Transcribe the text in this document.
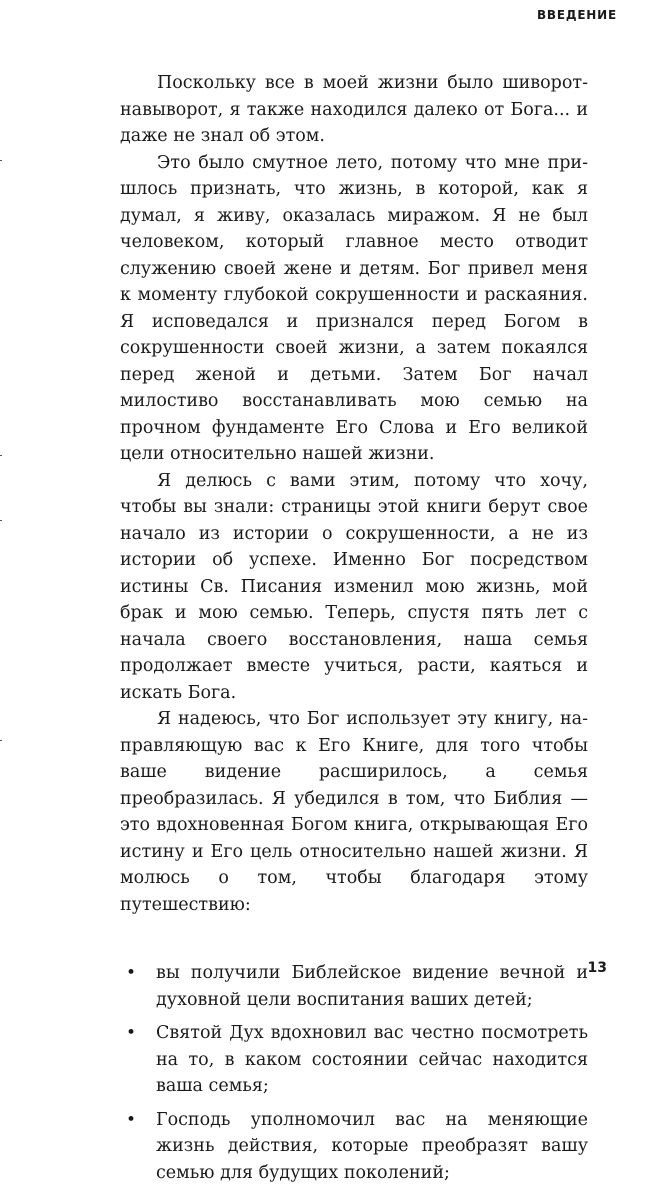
ВВЕДЕНИЕ

Поскольку все в моей жизни было шиворот-навыворот, я также находился далеко от Бога... и даже не знал об этом.

Это было смутное лето, потому что мне пришлось признать, что жизнь, в которой, как я думал, я живу, оказалась миражом. Я не был человеком, который главное место отводит служению своей жене и детям. Бог привел меня к моменту глубокой сокрушенности и раскаяния. Я исповедался и признался перед Богом в сокрушенности своей жизни, а затем покаялся перед женой и детьми. Затем Бог начал милостиво восстанавливать мою семью на прочном фундаменте Его Слова и Его великой цели относительно нашей жизни.

Я делюсь с вами этим, потому что хочу, чтобы вы знали: страницы этой книги берут свое начало из истории о сокрушенности, а не из истории об успехе. Именно Бог посредством истины Св. Писания изменил мою жизнь, мой брак и мою семью. Теперь, спустя пять лет с начала своего восстановления, наша семья продолжает вместе учиться, расти, каяться и искать Бога.

Я надеюсь, что Бог использует эту книгу, направляющую вас к Его Книге, для того чтобы ваше видение расширилось, а семья преобразилась. Я убедился в том, что Библия — это вдохновенная Богом книга, открывающая Его истину и Его цель относительно нашей жизни. Я молюсь о том, чтобы благодаря этому путешествию:

• вы получили Библейское видение вечной и духовной цели воспитания ваших детей;
• Святой Дух вдохновил вас честно посмотреть на то, в каком состоянии сейчас находится ваша семья;
• Господь уполномочил вас на меняющие жизнь действия, которые преобразят вашу семью для будущих поколений;
13
